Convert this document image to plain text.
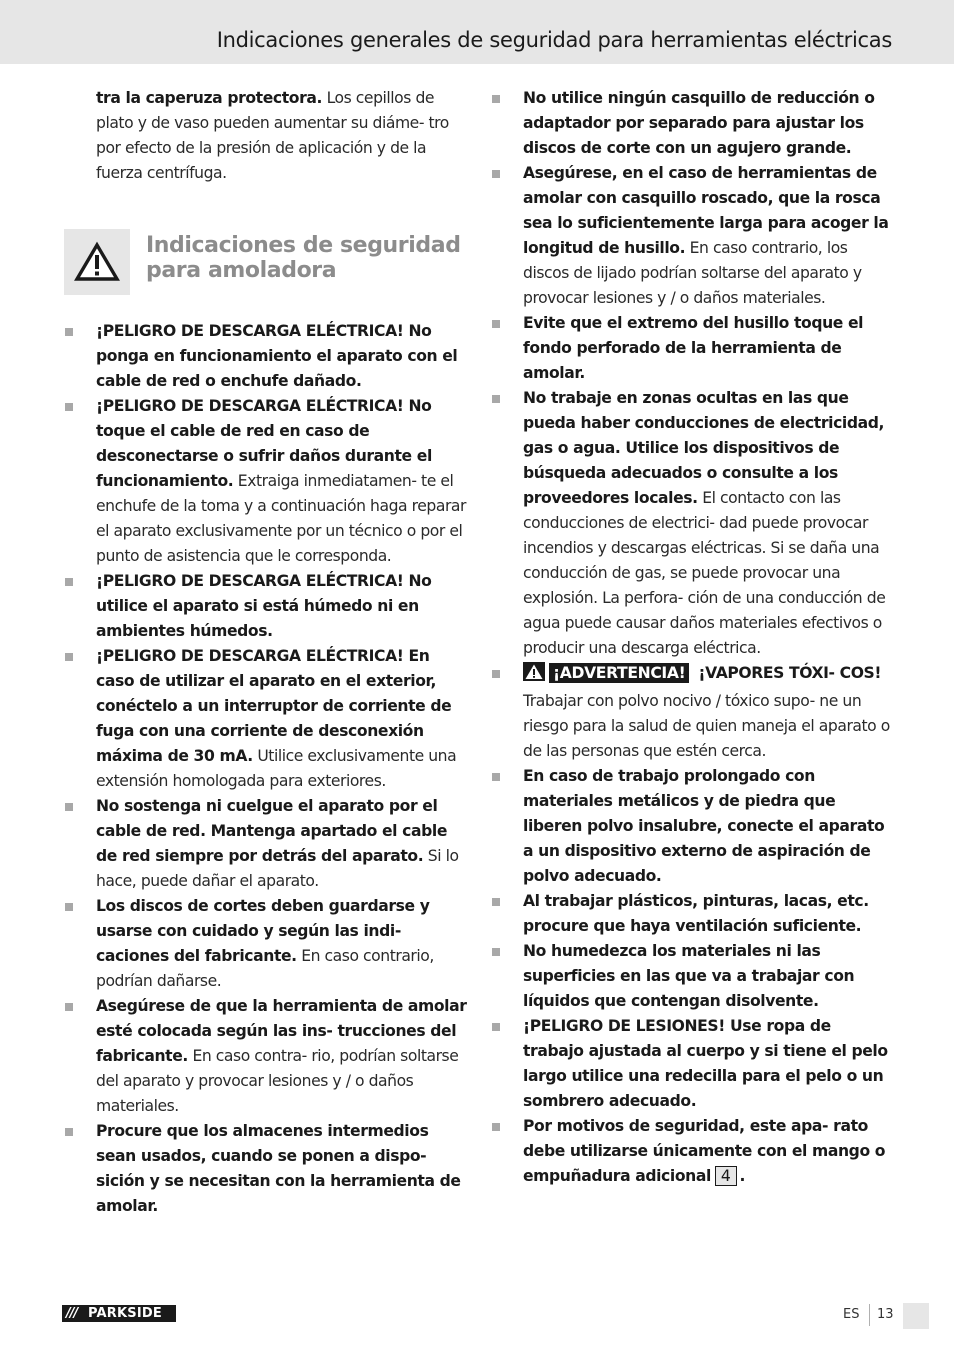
Indicaciones generales de seguridad para herramientas eléctricas

tra la caperuza protectora. Los cepillos de plato y de vaso pueden aumentar su diáme- tro por efecto de la presión de aplicación y de la fuerza centrífuga.

Indicaciones de seguridad
para amoladora
¡PELIGRO DE DESCARGA ELÉCTRICA! No ponga en funcionamiento el aparato con el cable de red o enchufe dañado.
¡PELIGRO DE DESCARGA ELÉCTRICA! No toque el cable de red en caso de desconectarse o sufrir daños durante el funcionamiento. Extraiga inmediatamen- te el enchufe de la toma y a continuación haga reparar el aparato exclusivamente por un técnico o por el punto de asistencia que le corresponda.
¡PELIGRO DE DESCARGA ELÉCTRICA! No utilice el aparato si está húmedo ni en ambientes húmedos.
¡PELIGRO DE DESCARGA ELÉCTRICA! En caso de utilizar el aparato en el exterior, conéctelo a un interruptor de corriente de fuga con una corriente de desconexión máxima de 30 mA. Utilice exclusivamente una extensión homologada para exteriores.
No sostenga ni cuelgue el aparato por el cable de red. Mantenga apartado el cable de red siempre por detrás del aparato. Si lo hace, puede dañar el aparato.
Los discos de cortes deben guardarse y usarse con cuidado y según las indi- caciones del fabricante. En caso contrario, podrían dañarse.
Asegúrese de que la herramienta de amolar esté colocada según las ins- trucciones del fabricante. En caso contra- rio, podrían soltarse del aparato y provocar lesiones y / o daños materiales.
Procure que los almacenes intermedios sean usados, cuando se ponen a dispo- sición y se necesitan con la herramienta de amolar.
No utilice ningún casquillo de reducción o adaptador por separado para ajustar los discos de corte con un agujero grande.
Asegúrese, en el caso de herramientas de amolar con casquillo roscado, que la rosca sea lo suficientemente larga para acoger la longitud de husillo. En caso contrario, los discos de lijado podrían soltarse del aparato y provocar lesiones y / o daños materiales.
Evite que el extremo del husillo toque el fondo perforado de la herramienta de amolar.
No trabaje en zonas ocultas en las que pueda haber conducciones de electricidad, gas o agua. Utilice los dispositivos de búsqueda adecuados o consulte a los proveedores locales. El contacto con las conducciones de electrici- dad puede provocar incendios y descargas eléctricas. Si se daña una conducción de gas, se puede provocar una explosión. La perfora- ción de una conducción de agua puede causar daños materiales efectivos o producir una descarga eléctrica.
¡ADVERTENCIA! ¡VAPORES TÓXI- COS! Trabajar con polvo nocivo / tóxico supo- ne un riesgo para la salud de quien maneja el aparato o de las personas que estén cerca.
En caso de trabajo prolongado con materiales metálicos y de piedra que liberen polvo insalubre, conecte el aparato a un dispositivo externo de aspiración de polvo adecuado.
Al trabajar plásticos, pinturas, lacas, etc. procure que haya ventilación suficiente.
No humedezca los materiales ni las superficies en las que va a trabajar con líquidos que contengan disolvente.
¡PELIGRO DE LESIONES! Use ropa de trabajo ajustada al cuerpo y si tiene el pelo largo utilice una redecilla para el pelo o un sombrero adecuado.
Por motivos de seguridad, este apa- rato debe utilizarse únicamente con el mango o empuñadura adicional 4 .
/// PARKSIDE	ES 13
